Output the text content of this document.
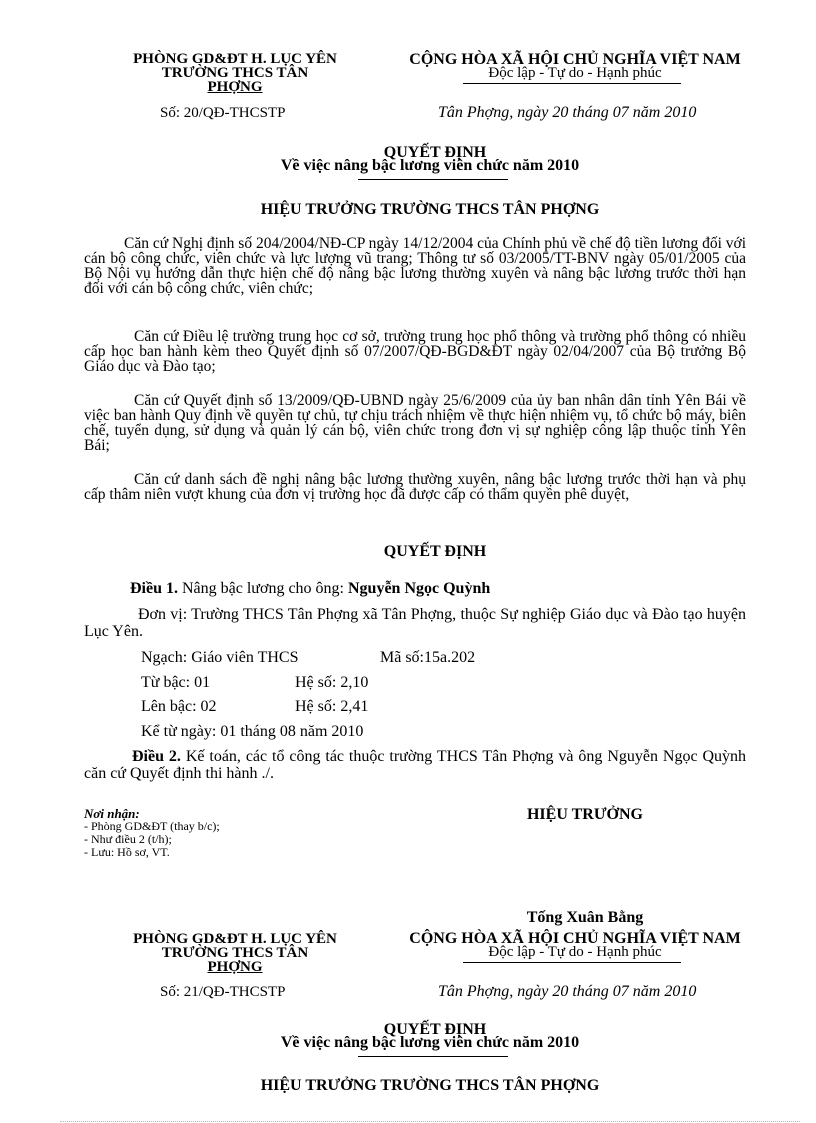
PHÒNG GD&ĐT H. LỤC YÊN
TRƯỜNG THCS TÂN
PHỢNG
Số: 20/QĐ-THCSTP
CỘNG HÒA XÃ HỘI CHỦ NGHĨA VIỆT NAM
Độc lập - Tự do - Hạnh phúc
Tân Phợng, ngày 20 tháng 07 năm 2010
QUYẾT ĐỊNH
Về việc nâng bậc lương viên chức năm 2010
HIỆU TRƯỞNG TRƯỜNG THCS TÂN PHỢNG
Căn cứ Nghị định số 204/2004/NĐ-CP ngày 14/12/2004 của Chính phủ về chế độ tiền lương đối với cán bộ công chức, viên chức và lực lượng vũ trang; Thông tư số 03/2005/TT-BNV ngày 05/01/2005 của Bộ Nội vụ hướng dẫn thực hiện chế độ nâng bậc lương thường xuyên và nâng bậc lương trước thời hạn đối với cán bộ công chức, viên chức;
Căn cứ Điều lệ trường trung học cơ sở, trường trung học phổ thông và trường phổ thông có nhiều cấp học ban hành kèm theo Quyết định số 07/2007/QĐ-BGD&ĐT ngày 02/04/2007 của Bộ trưởng Bộ Giáo dục và Đào tạo;
Căn cứ Quyết định số 13/2009/QĐ-UBND ngày 25/6/2009 của ủy ban nhân dân tỉnh Yên Bái về việc ban hành Quy định về quyền tự chủ, tự chịu trách nhiệm về thực hiện nhiệm vụ, tổ chức bộ máy, biên chế, tuyển dụng, sử dụng và quản lý cán bộ, viên chức trong đơn vị sự nghiệp công lập thuộc tỉnh Yên Bái;
Căn cứ danh sách đề nghị nâng bậc lương thường xuyên, nâng bậc lương trước thời hạn và phụ cấp thâm niên vượt khung của đơn vị trường học đã được cấp có thẩm quyền phê duyệt,
QUYẾT ĐỊNH
Điều 1. Nâng bậc lương cho ông: Nguyễn Ngọc Quỳnh
Đơn vị: Trường THCS Tân Phợng xã Tân Phợng, thuộc Sự nghiệp Giáo dục và Đào tạo huyện Lục Yên.
Ngạch: Giáo viên THCS	Mã số:15a.202
Từ bậc: 01	Hệ số: 2,10
Lên bậc: 02	Hệ số: 2,41
Kể từ ngày: 01 tháng 08 năm 2010
Điều 2. Kế toán, các tổ công tác thuộc trường THCS Tân Phợng và ông Nguyễn Ngọc Quỳnh căn cứ Quyết định thi hành ./.
Nơi nhận:
- Phòng GD&ĐT (thay b/c);
- Như điều 2 (t/h);
- Lưu: Hồ sơ, VT.
HIỆU TRƯỞNG
Tống Xuân Bằng
PHÒNG GD&ĐT H. LỤC YÊN
TRƯỜNG THCS TÂN
PHỢNG
Số: 21/QĐ-THCSTP
CỘNG HÒA XÃ HỘI CHỦ NGHĨA VIỆT NAM
Độc lập - Tự do - Hạnh phúc
Tân Phợng, ngày 20 tháng 07 năm 2010
QUYẾT ĐỊNH
Về việc nâng bậc lương viên chức năm 2010
HIỆU TRƯỞNG TRƯỜNG THCS TÂN PHỢNG
